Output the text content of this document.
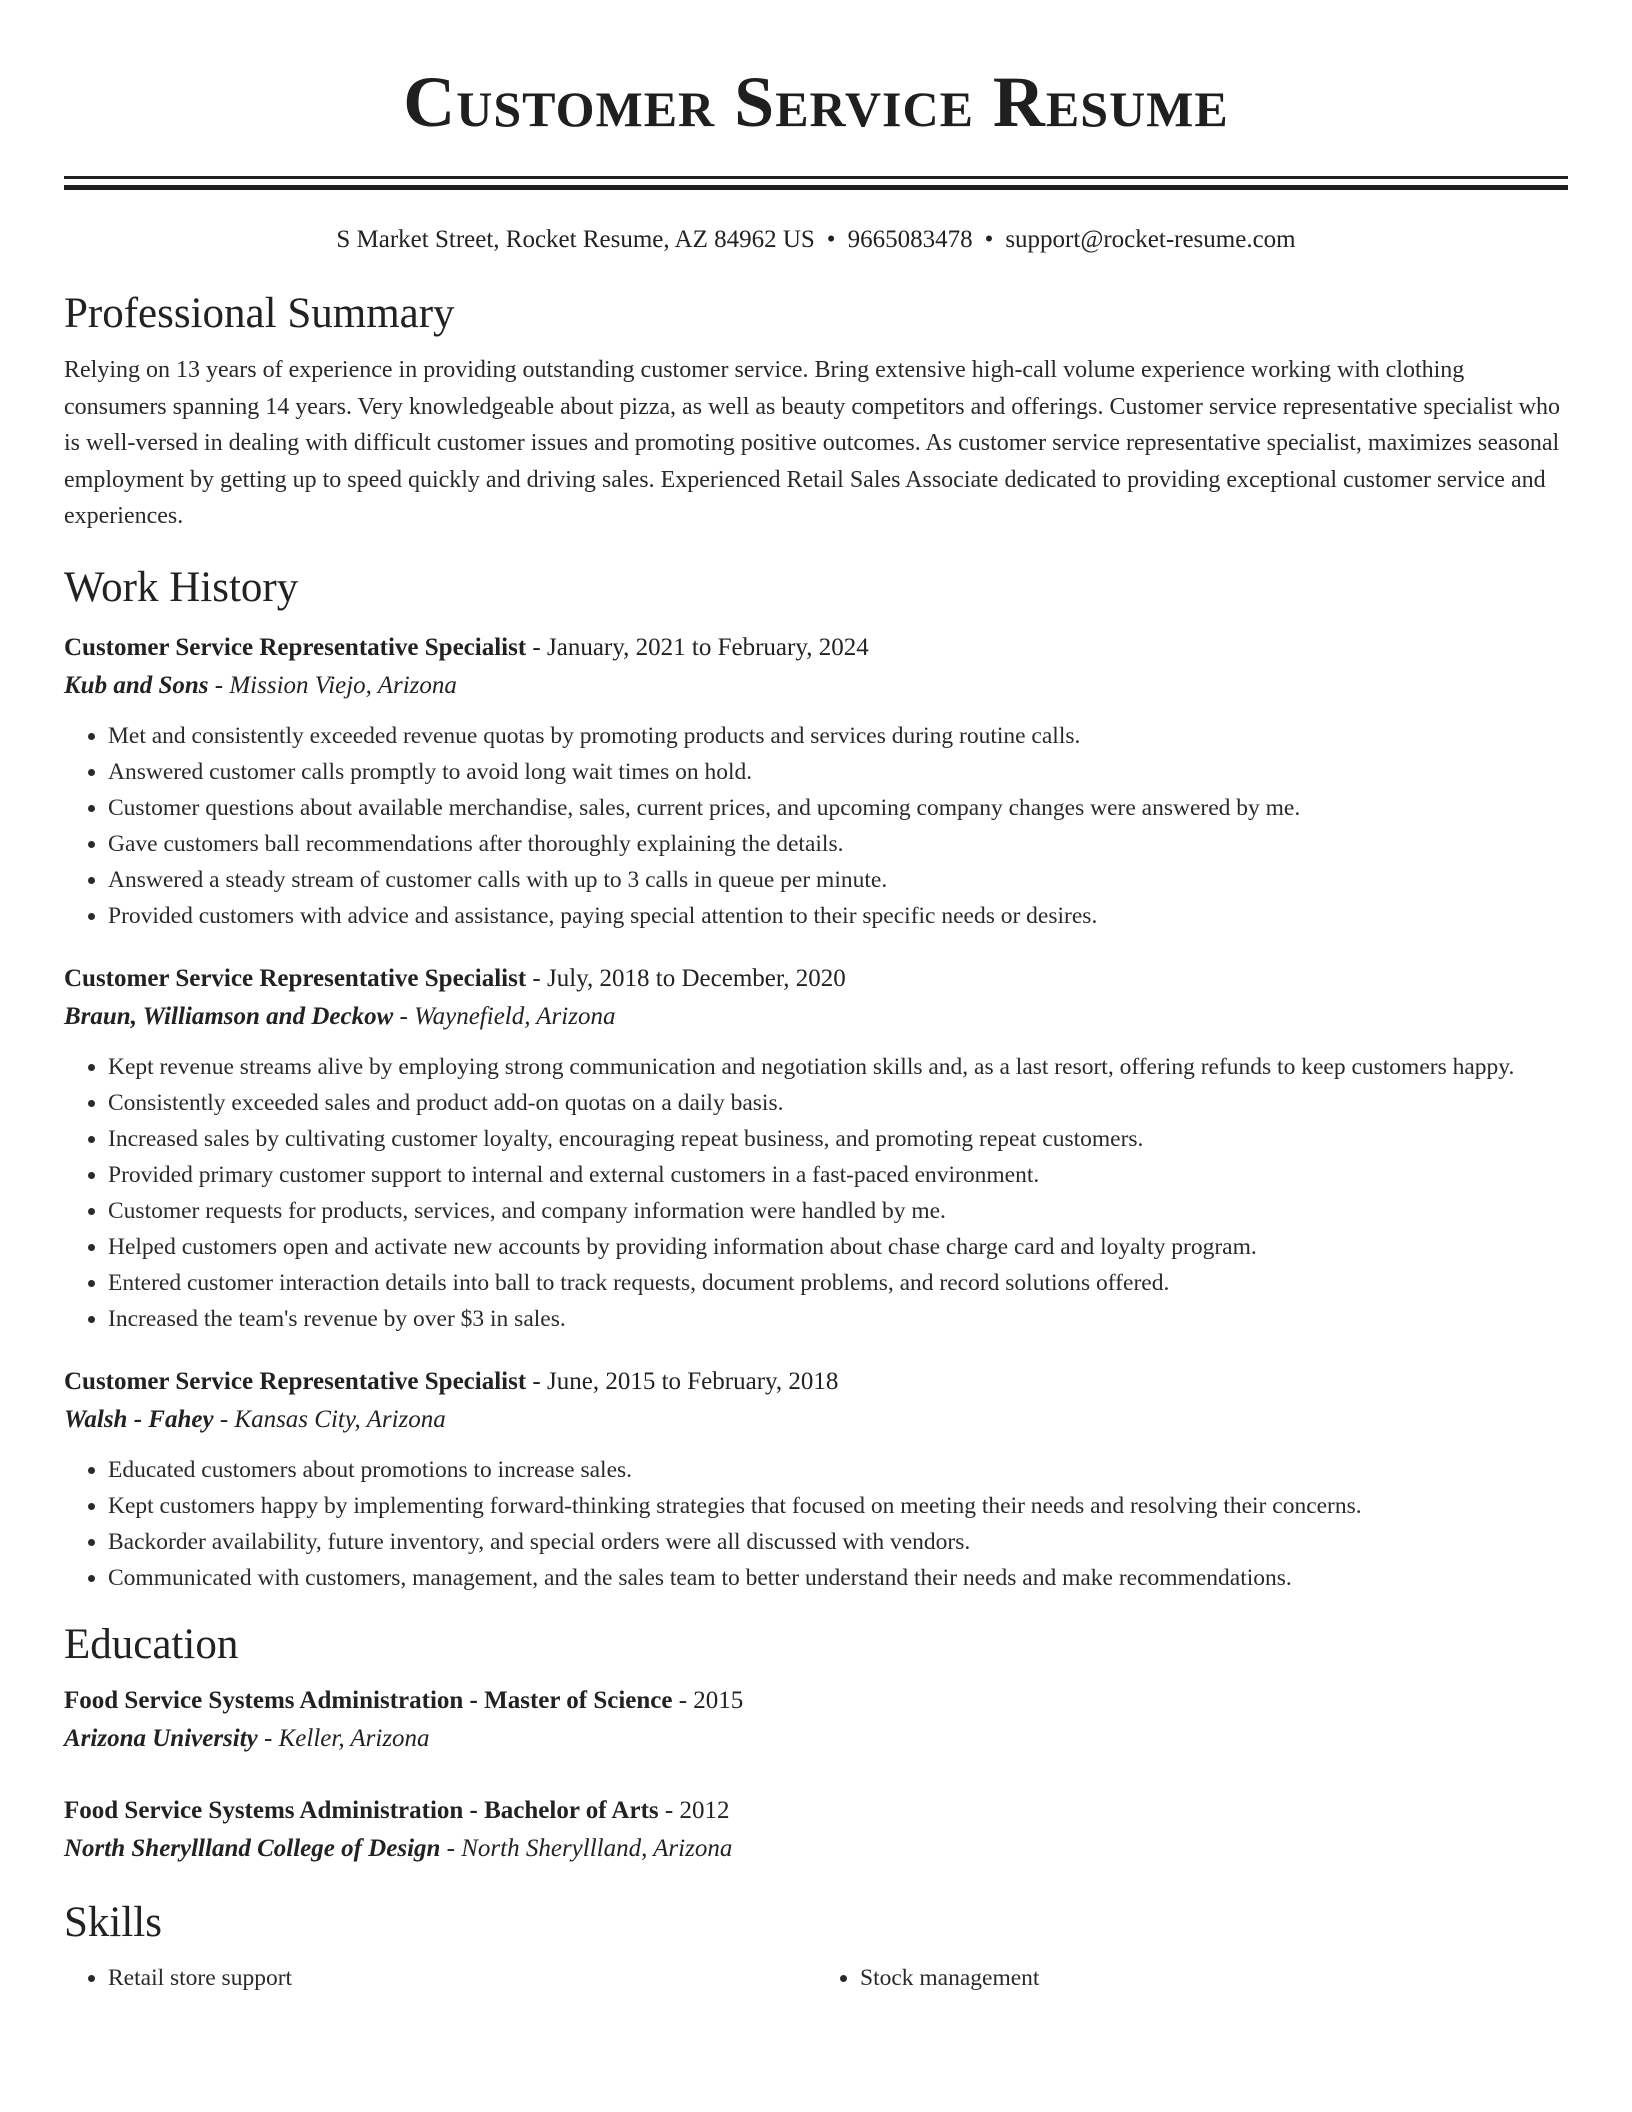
Customer Service Resume
S Market Street, Rocket Resume, AZ 84962 US • 9665083478 • support@rocket-resume.com
Professional Summary

Relying on 13 years of experience in providing outstanding customer service. Bring extensive high-call volume experience working with clothing consumers spanning 14 years. Very knowledgeable about pizza, as well as beauty competitors and offerings. Customer service representative specialist who is well-versed in dealing with difficult customer issues and promoting positive outcomes. As customer service representative specialist, maximizes seasonal employment by getting up to speed quickly and driving sales. Experienced Retail Sales Associate dedicated to providing exceptional customer service and experiences.

Work History
Customer Service Representative Specialist - January, 2021 to February, 2024
Kub and Sons - Mission Viejo, Arizona
• Met and consistently exceeded revenue quotas by promoting products and services during routine calls.
• Answered customer calls promptly to avoid long wait times on hold.
• Customer questions about available merchandise, sales, current prices, and upcoming company changes were answered by me.
• Gave customers ball recommendations after thoroughly explaining the details.
• Answered a steady stream of customer calls with up to 3 calls in queue per minute.
• Provided customers with advice and assistance, paying special attention to their specific needs or desires.
Customer Service Representative Specialist - July, 2018 to December, 2020
Braun, Williamson and Deckow - Waynefield, Arizona
• Kept revenue streams alive by employing strong communication and negotiation skills and, as a last resort, offering refunds to keep customers happy.
• Consistently exceeded sales and product add-on quotas on a daily basis.
• Increased sales by cultivating customer loyalty, encouraging repeat business, and promoting repeat customers.
• Provided primary customer support to internal and external customers in a fast-paced environment.
• Customer requests for products, services, and company information were handled by me.
• Helped customers open and activate new accounts by providing information about chase charge card and loyalty program.
• Entered customer interaction details into ball to track requests, document problems, and record solutions offered.
• Increased the team's revenue by over $3 in sales.
Customer Service Representative Specialist - June, 2015 to February, 2018
Walsh - Fahey - Kansas City, Arizona
• Educated customers about promotions to increase sales.
• Kept customers happy by implementing forward-thinking strategies that focused on meeting their needs and resolving their concerns.
• Backorder availability, future inventory, and special orders were all discussed with vendors.
• Communicated with customers, management, and the sales team to better understand their needs and make recommendations.
Education
Food Service Systems Administration - Master of Science - 2015
Arizona University - Keller, Arizona
Food Service Systems Administration - Bachelor of Arts - 2012
North Sheryllland College of Design - North Sheryllland, Arizona
Skills
• Retail store support
•	Stock management
